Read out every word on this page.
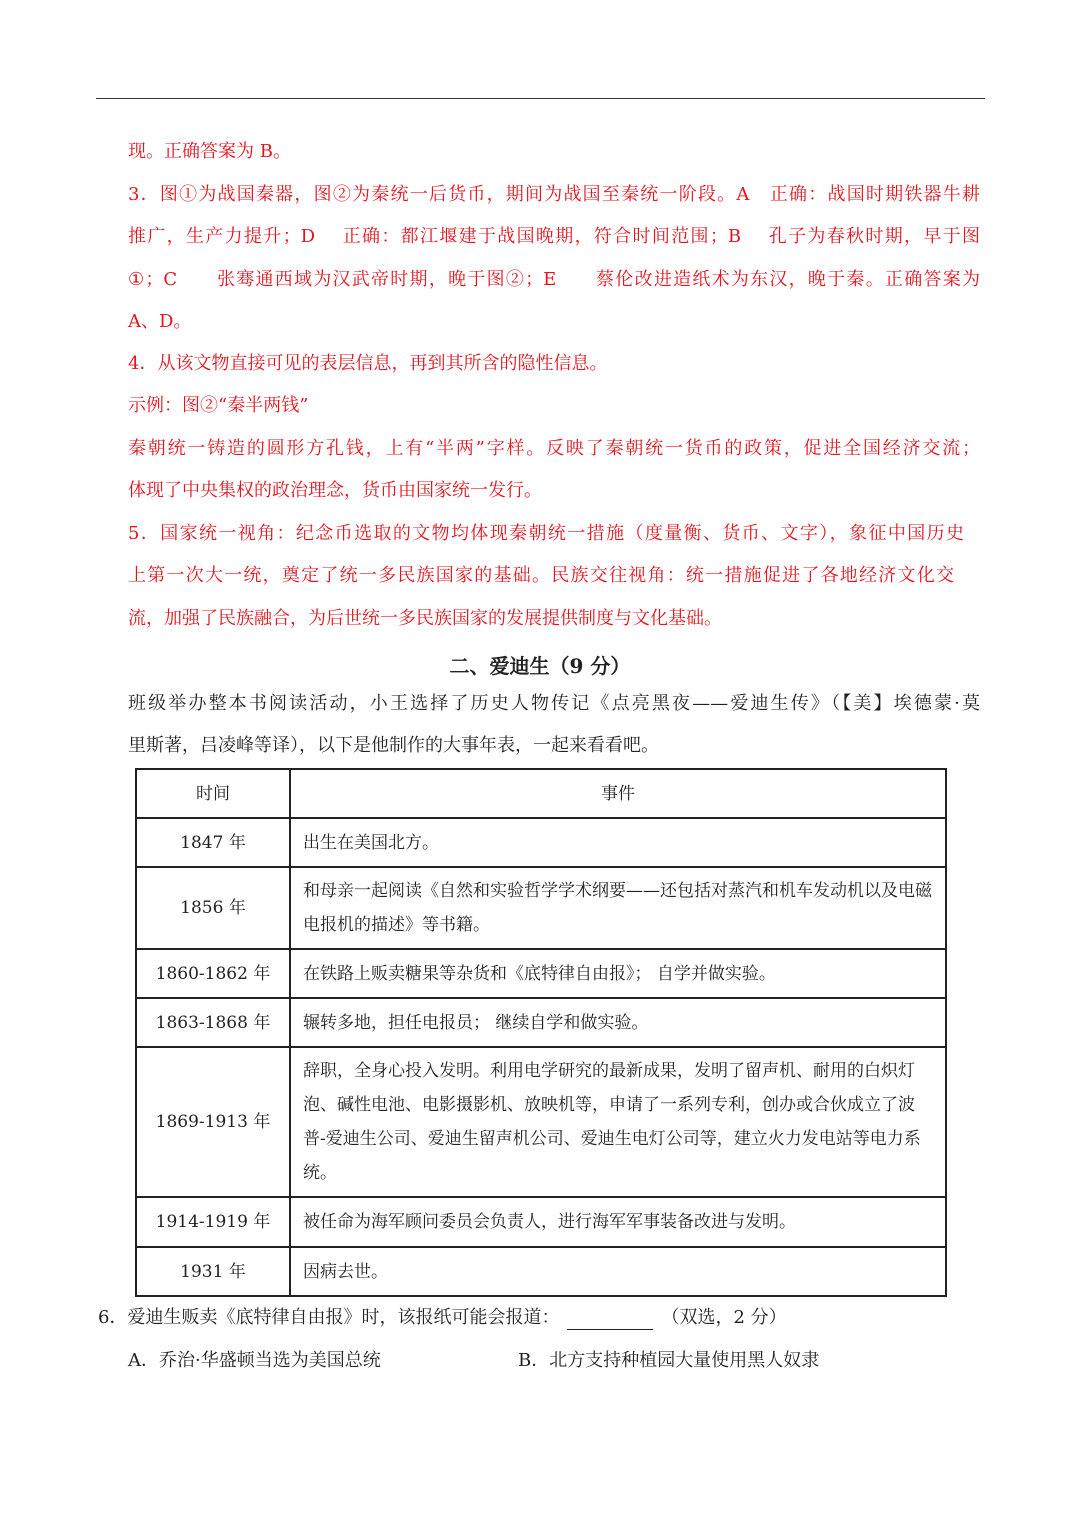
现。正确答案为 B。
3．图①为战国秦器，图②为秦统一后货币，期间为战国至秦统一阶段。A　正确：战国时期铁器牛耕
推广，生产力提升；D　 正确：都江堰建于战国晚期，符合时间范围；B　 孔子为春秋时期，早于图
①；C　　张骞通西域为汉武帝时期，晚于图②；E　　蔡伦改进造纸术为东汉，晚于秦。正确答案为
A、D。
4．从该文物直接可见的表层信息，再到其所含的隐性信息。
示例：图②“秦半两钱”
秦朝统一铸造的圆形方孔钱，上有“半两”字样。反映了秦朝统一货币的政策，促进全国经济交流；
体现了中央集权的政治理念，货币由国家统一发行。
5．国家统一视角：纪念币选取的文物均体现秦朝统一措施（度量衡、货币、文字），象征中国历史
上第一次大一统，奠定了统一多民族国家的基础。民族交往视角：统一措施促进了各地经济文化交
流，加强了民族融合，为后世统一多民族国家的发展提供制度与文化基础。
二、爱迪生（9 分）
班级举办整本书阅读活动，小王选择了历史人物传记《点亮黑夜——爱迪生传》（【美】埃德蒙·莫
里斯著，吕凌峰等译），以下是他制作的大事年表，一起来看看吧。
时间	事件
1847 年	出生在美国北方。
1856 年	和母亲一起阅读《自然和实验哲学学术纲要——还包括对蒸汽和机车发动机以及电磁电报机的描述》等书籍。
1860-1862 年	在铁路上贩卖糖果等杂货和《底特律自由报》； 自学并做实验。
1863-1868 年	辗转多地，担任电报员； 继续自学和做实验。
1869-1913 年	辞职，全身心投入发明。利用电学研究的最新成果，发明了留声机、耐用的白炽灯泡、碱性电池、电影摄影机、放映机等，申请了一系列专利，创办或合伙成立了波普-爱迪生公司、爱迪生留声机公司、爱迪生电灯公司等，建立火力发电站等电力系统。
1914-1919 年	被任命为海军顾问委员会负责人，进行海军军事装备改进与发明。
1931 年	因病去世。
6．爱迪生贩卖《底特律自由报》时，该报纸可能会报道：	（双选，2 分）
A．乔治·华盛顿当选为美国总统	B．北方支持种植园大量使用黑人奴隶
